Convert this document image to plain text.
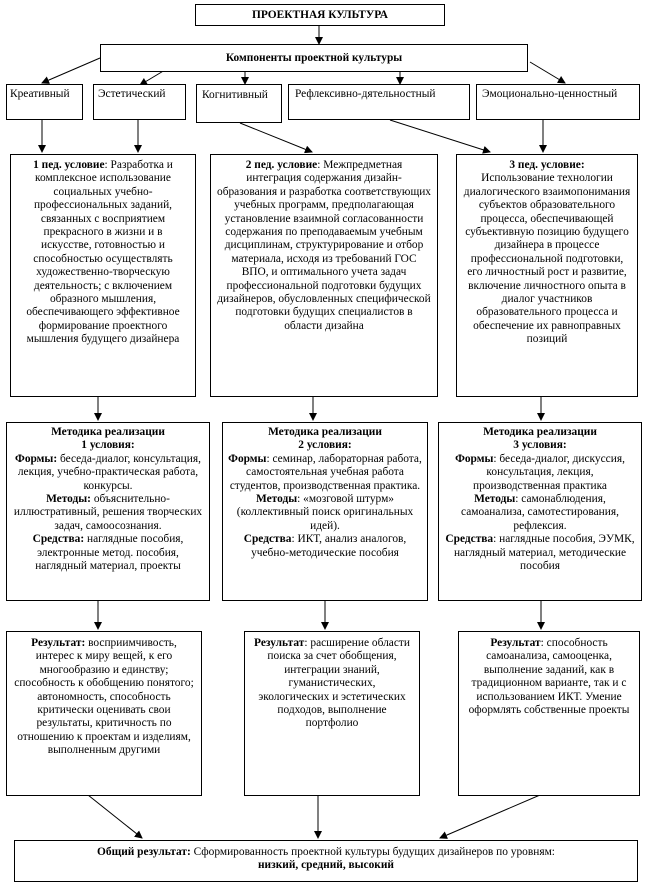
ПРОЕКТНАЯ КУЛЬТУРА
Компоненты проектной культуры
Креативный	Эстетический	Когнитивный	Рефлексивно-дятельностный	Эмоционально-ценностный
1 пед. условие: Разработка и комплексное использование социальных учебно-профессиональных заданий, связанных с восприятием прекрасного в жизни и в искусстве, готовностью и способностью осуществлять художественно-творческую деятельность; с включением образного мышления, обеспечивающего эффективное формирование проектного мышления будущего дизайнера
2 пед. условие: Межпредметная интеграция содержания дизайн-образования и разработка соответствующих учебных программ, предполагающая установление взаимной согласованности содержания по преподаваемым учебным дисциплинам, структурирование и отбор материала, исходя из требований ГОС ВПО, и оптимального учета задач профессиональной подготовки будущих дизайнеров, обусловленных специфической подготовки будущих специалистов в области дизайна

3 пед. условие:

Использование технологии диалогического взаимопонимания субъектов образовательного процесса, обеспечивающей субъективную позицию будущего дизайнера в процессе профессиональной подготовки, его личностный рост и развитие, включение личностного опыта в диалог участников образовательного процесса и обеспечение их равноправных позиций

Методика реализации

1 условия:

Формы: беседа-диалог, консультация, лекция, учебно-практическая работа, конкурсы.

Методы: объяснительно-иллюстративный, решения творческих задач, самоосознания.

Средства: наглядные пособия, электронные метод. пособия, наглядный материал, проекты

Методика реализации

2 условия:

Формы: семинар, лабораторная работа, самостоятельная учебная работа студентов, производственная практика.

Методы: «мозговой штурм» (коллективный поиск оригинальных идей).

Средства: ИКТ, анализ аналогов, учебно-методические пособия

Методика реализации

3 условия:

Формы: беседа-диалог, дискуссия, консультация, лекция, производственная практика

Методы: самонаблюдения, самоанализа, самотестирования, рефлексия.

Средства: наглядные пособия, ЭУМК, наглядный материал, методические пособия

Результат: восприимчивость, интерес к миру вещей, к его многообразию и единству; способность к обобщению понятого; автономность, способность критически оценивать свои результаты, критичность по отношению к проектам и изделиям, выполненным другими
Результат: расширение области поиска за счет обобщения, интеграции знаний, гуманистических, экологических и эстетических подходов, выполнение портфолио
Результат: способность самоанализа, самооценка, выполнение заданий, как в традиционном варианте, так и с использованием ИКТ. Умение оформлять собственные проекты

Общий результат: Сформированность проектной культуры будущих дизайнеров по уровням:

низкий, средний, высокий
